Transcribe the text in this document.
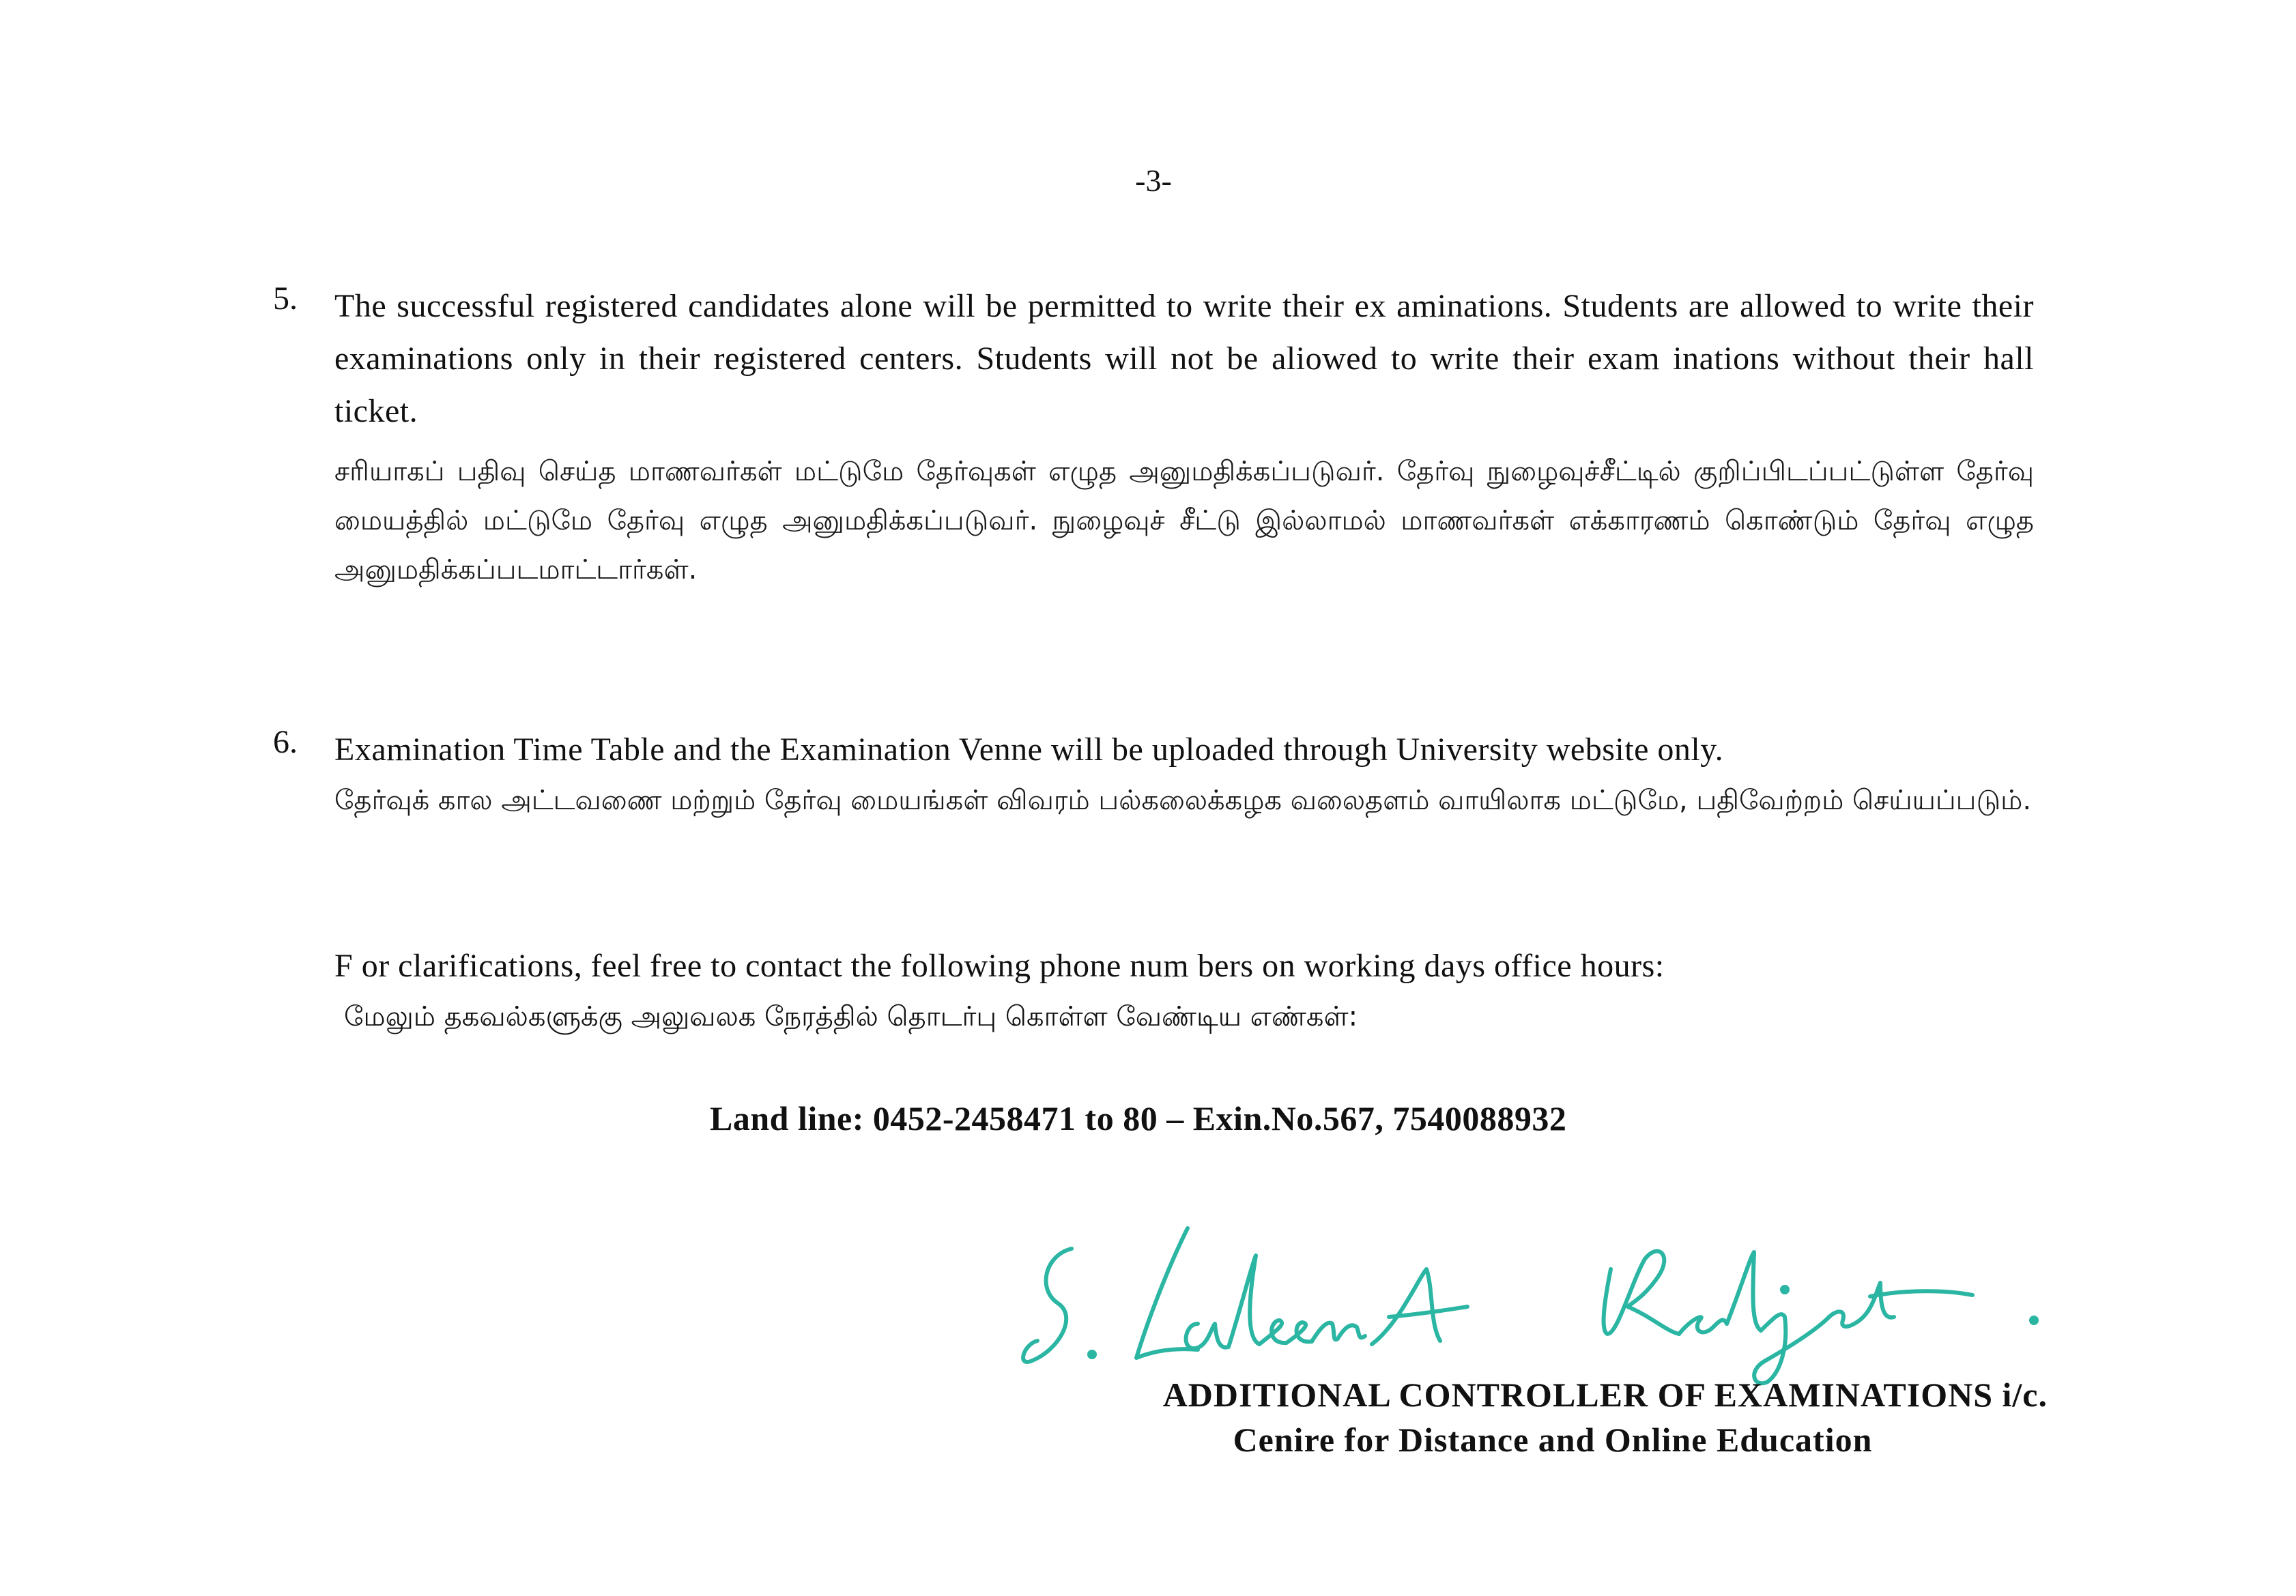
-3-
5. The successful registered candidates alone will be permitted to write their ex aminations. Students are allowed to write their examinations only in their registered centers. Students will not be aliowed to write their exam inations without their hall ticket.
சரியாகப் பதிவு செய்த மாணவர்கள் மட்டுமே தேர்வுகள் எழுத அனுமதிக்கப்படுவர். தேர்வு நுழைவுச்சீட்டில் குறிப்பிடப்பட்டுள்ள தேர்வு மையத்தில் மட்டுமே தேர்வு எழுத அனுமதிக்கப்படுவர். நுழைவுச் சீட்டு இல்லாமல் மாணவர்கள் எக்காரணம் கொண்டும் தேர்வு எழுத அனுமதிக்கப்படமாட்டார்கள்.
6. Examination Time Table and the Examination Venne will be uploaded through University website only.
தேர்வுக் கால அட்டவணை மற்றும் தேர்வு மையங்கள் விவரம் பல்கலைக்கழக வலைதளம் வாயிலாக மட்டுமே, பதிவேற்றம் செய்யப்படும்.
F or clarifications, feel free to contact the following phone num bers on working days office hours:
மேலும் தகவல்களுக்கு அலுவலக நேரத்தில் தொடர்பு கொள்ள வேண்டிய எண்கள்:
Land line: 0452-2458471 to 80 – Exin.No.567, 7540088932
ADDITIONAL CONTROLLER OF EXAMINATIONS i/c.
Cenire for Distance and Online Education
